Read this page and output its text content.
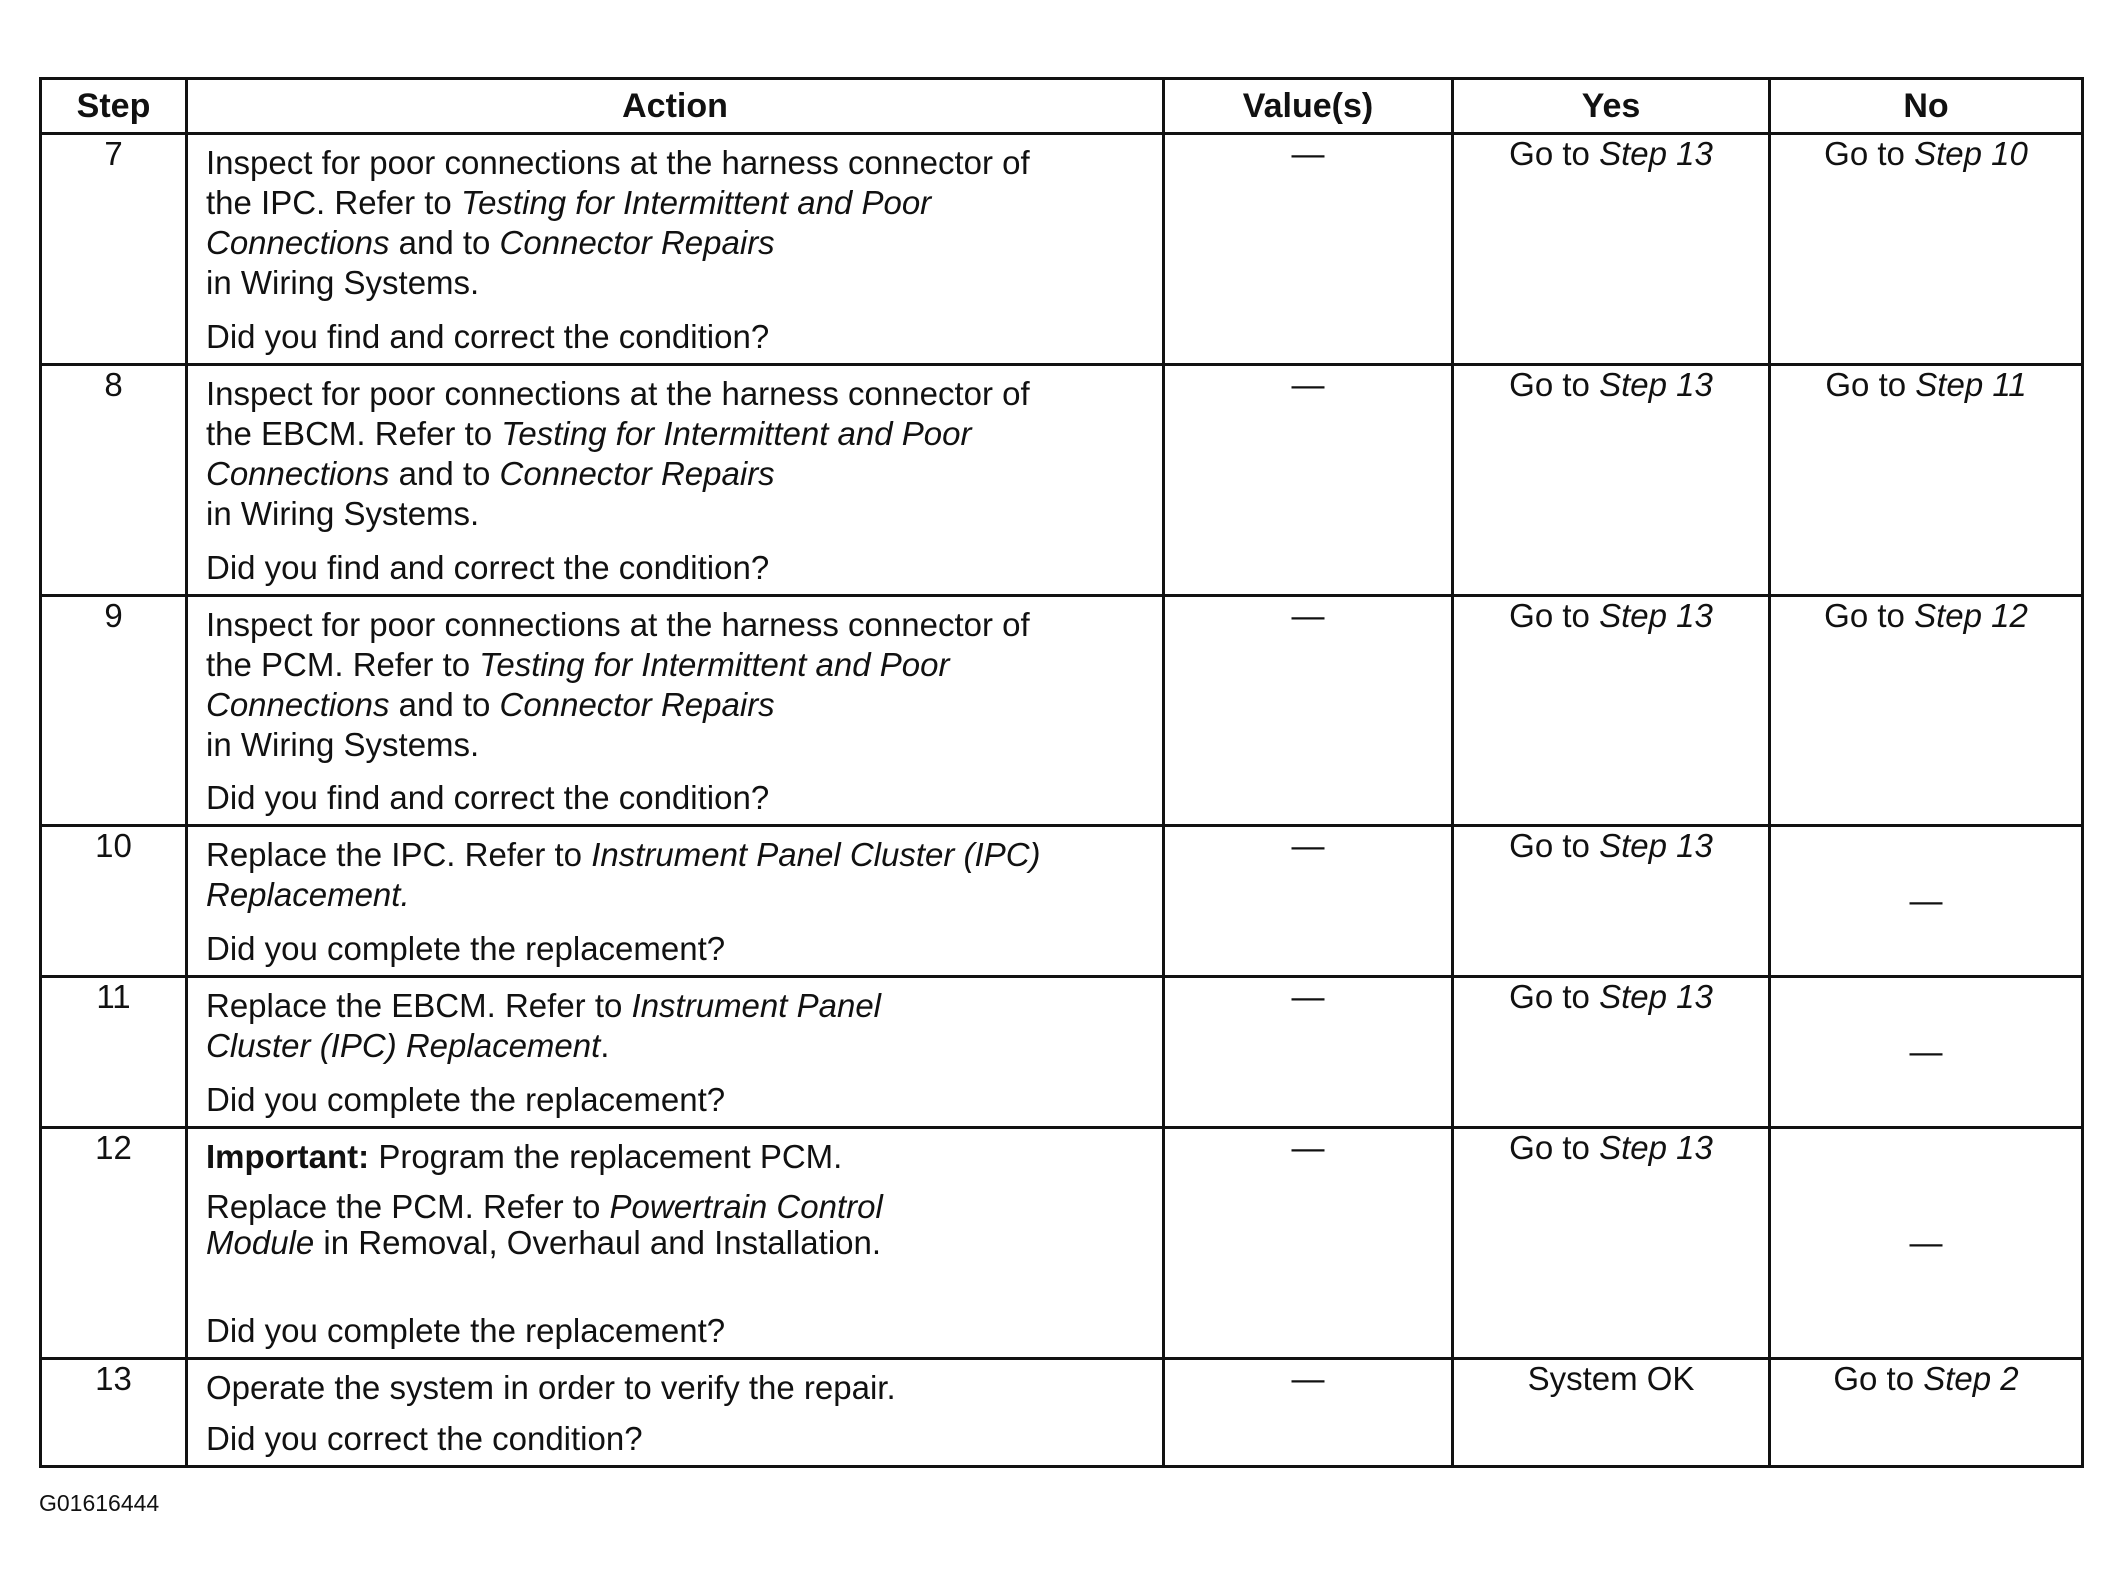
Step	Action	Value(s)	Yes	No
7	Inspect for poor connections at the harness connector of
the IPC. Refer to Testing for Intermittent and Poor
Connections and to Connector Repairs
in Wiring Systems.
Did you find and correct the condition?	—	Go to Step 13	Go to Step 10

8	Inspect for poor connections at the harness connector of
the EBCM. Refer to Testing for Intermittent and Poor
Connections and to Connector Repairs
in Wiring Systems.
Did you find and correct the condition?	—	Go to Step 13	Go to Step 11

9	Inspect for poor connections at the harness connector of
the PCM. Refer to Testing for Intermittent and Poor
Connections and to Connector Repairs
in Wiring Systems.
Did you find and correct the condition?	—	Go to Step 13	Go to Step 12

10	Replace the IPC. Refer to Instrument Panel Cluster (IPC)
Replacement.
Did you complete the replacement?	—	Go to Step 13	—
11	Replace the EBCM. Refer to Instrument Panel
Cluster (IPC) Replacement.
Did you complete the replacement?	—	Go to Step 13	—
12	Important: Program the replacement PCM.
Replace the PCM. Refer to Powertrain Control
Module in Removal, Overhaul and Installation.
Did you complete the replacement?	—	Go to Step 13	—
13	Operate the system in order to verify the repair.
Did you correct the condition?	—	System OK	Go to Step 2
G01616444
